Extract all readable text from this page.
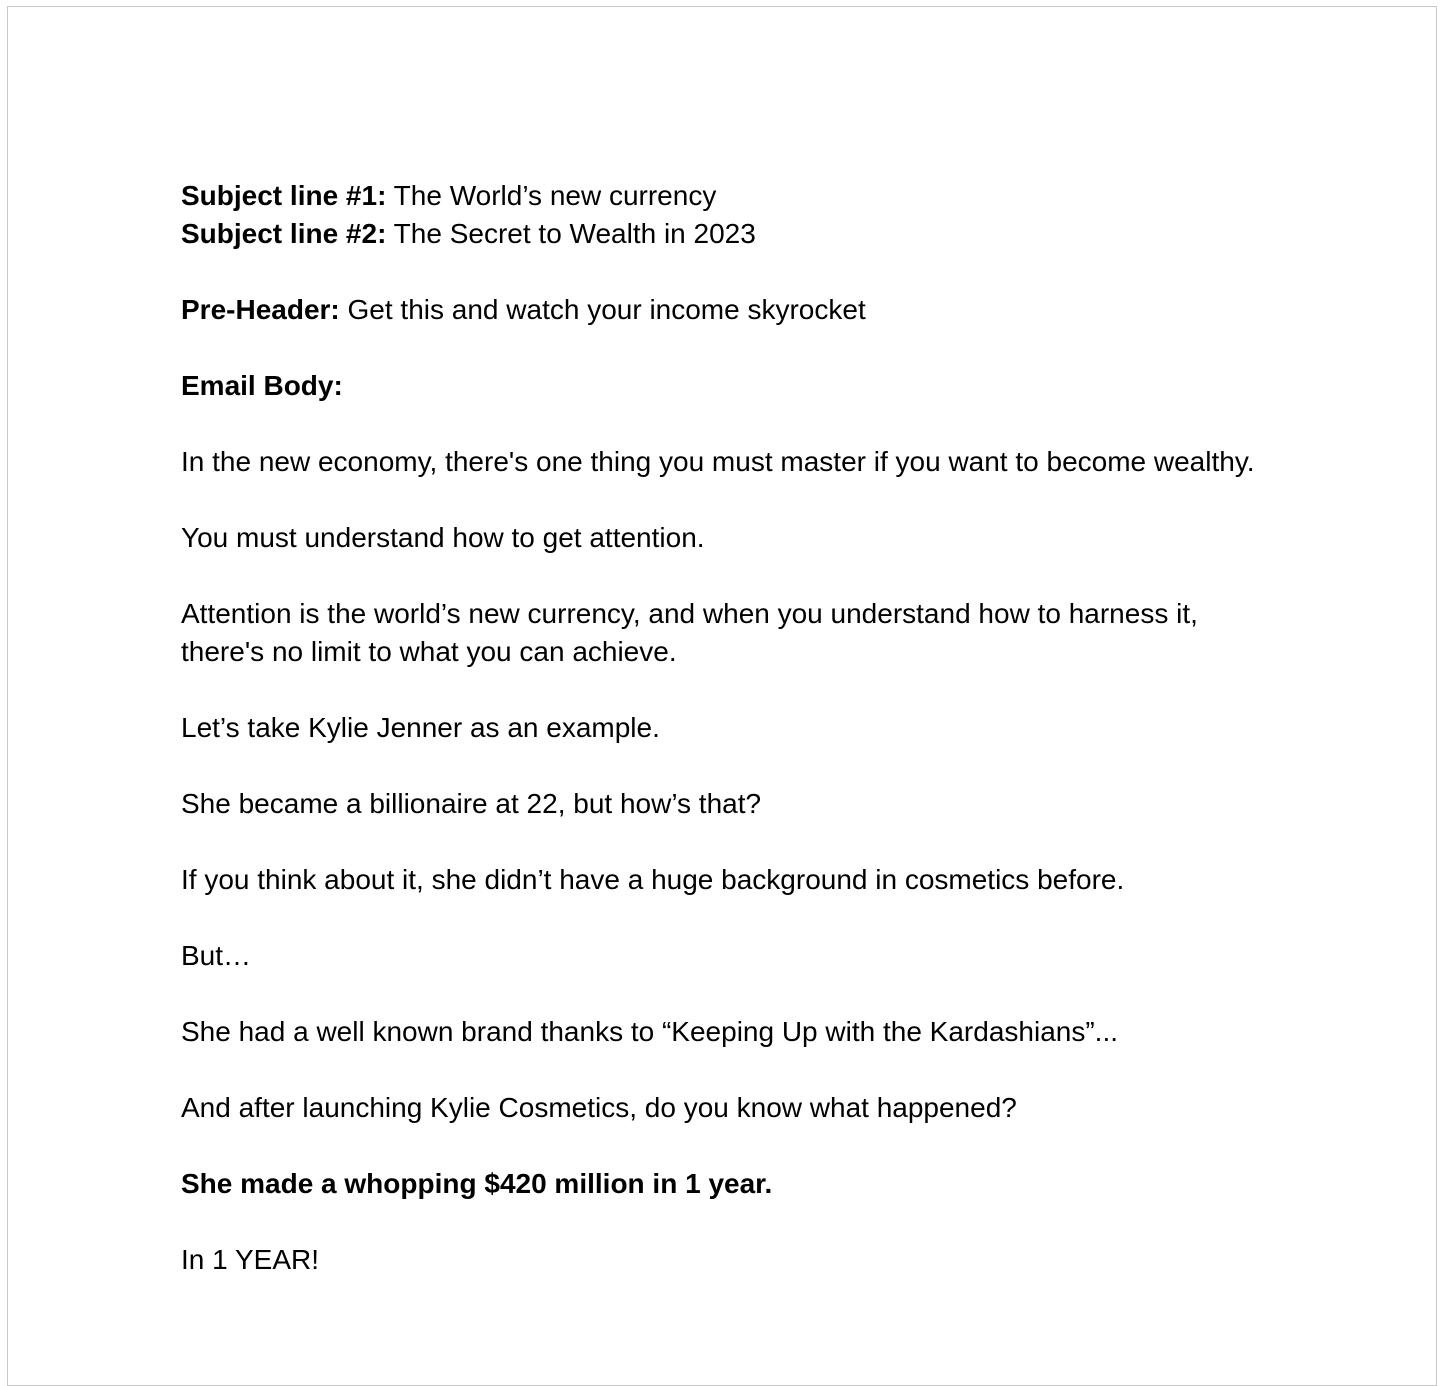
Subject line #1: The World’s new currency

Subject line #2: The Secret to Wealth in 2023

Pre-Header: Get this and watch your income skyrocket

Email Body:

In the new economy, there's one thing you must master if you want to become wealthy.

You must understand how to get attention.

Attention is the world’s new currency, and when you understand how to harness it, there's no limit to what you can achieve.

Let’s take Kylie Jenner as an example.

She became a billionaire at 22, but how’s that?

If you think about it, she didn’t have a huge background in cosmetics before.

But…

She had a well known brand thanks to “Keeping Up with the Kardashians”...

And after launching Kylie Cosmetics, do you know what happened?

She made a whopping $420 million in 1 year.

In 1 YEAR!
